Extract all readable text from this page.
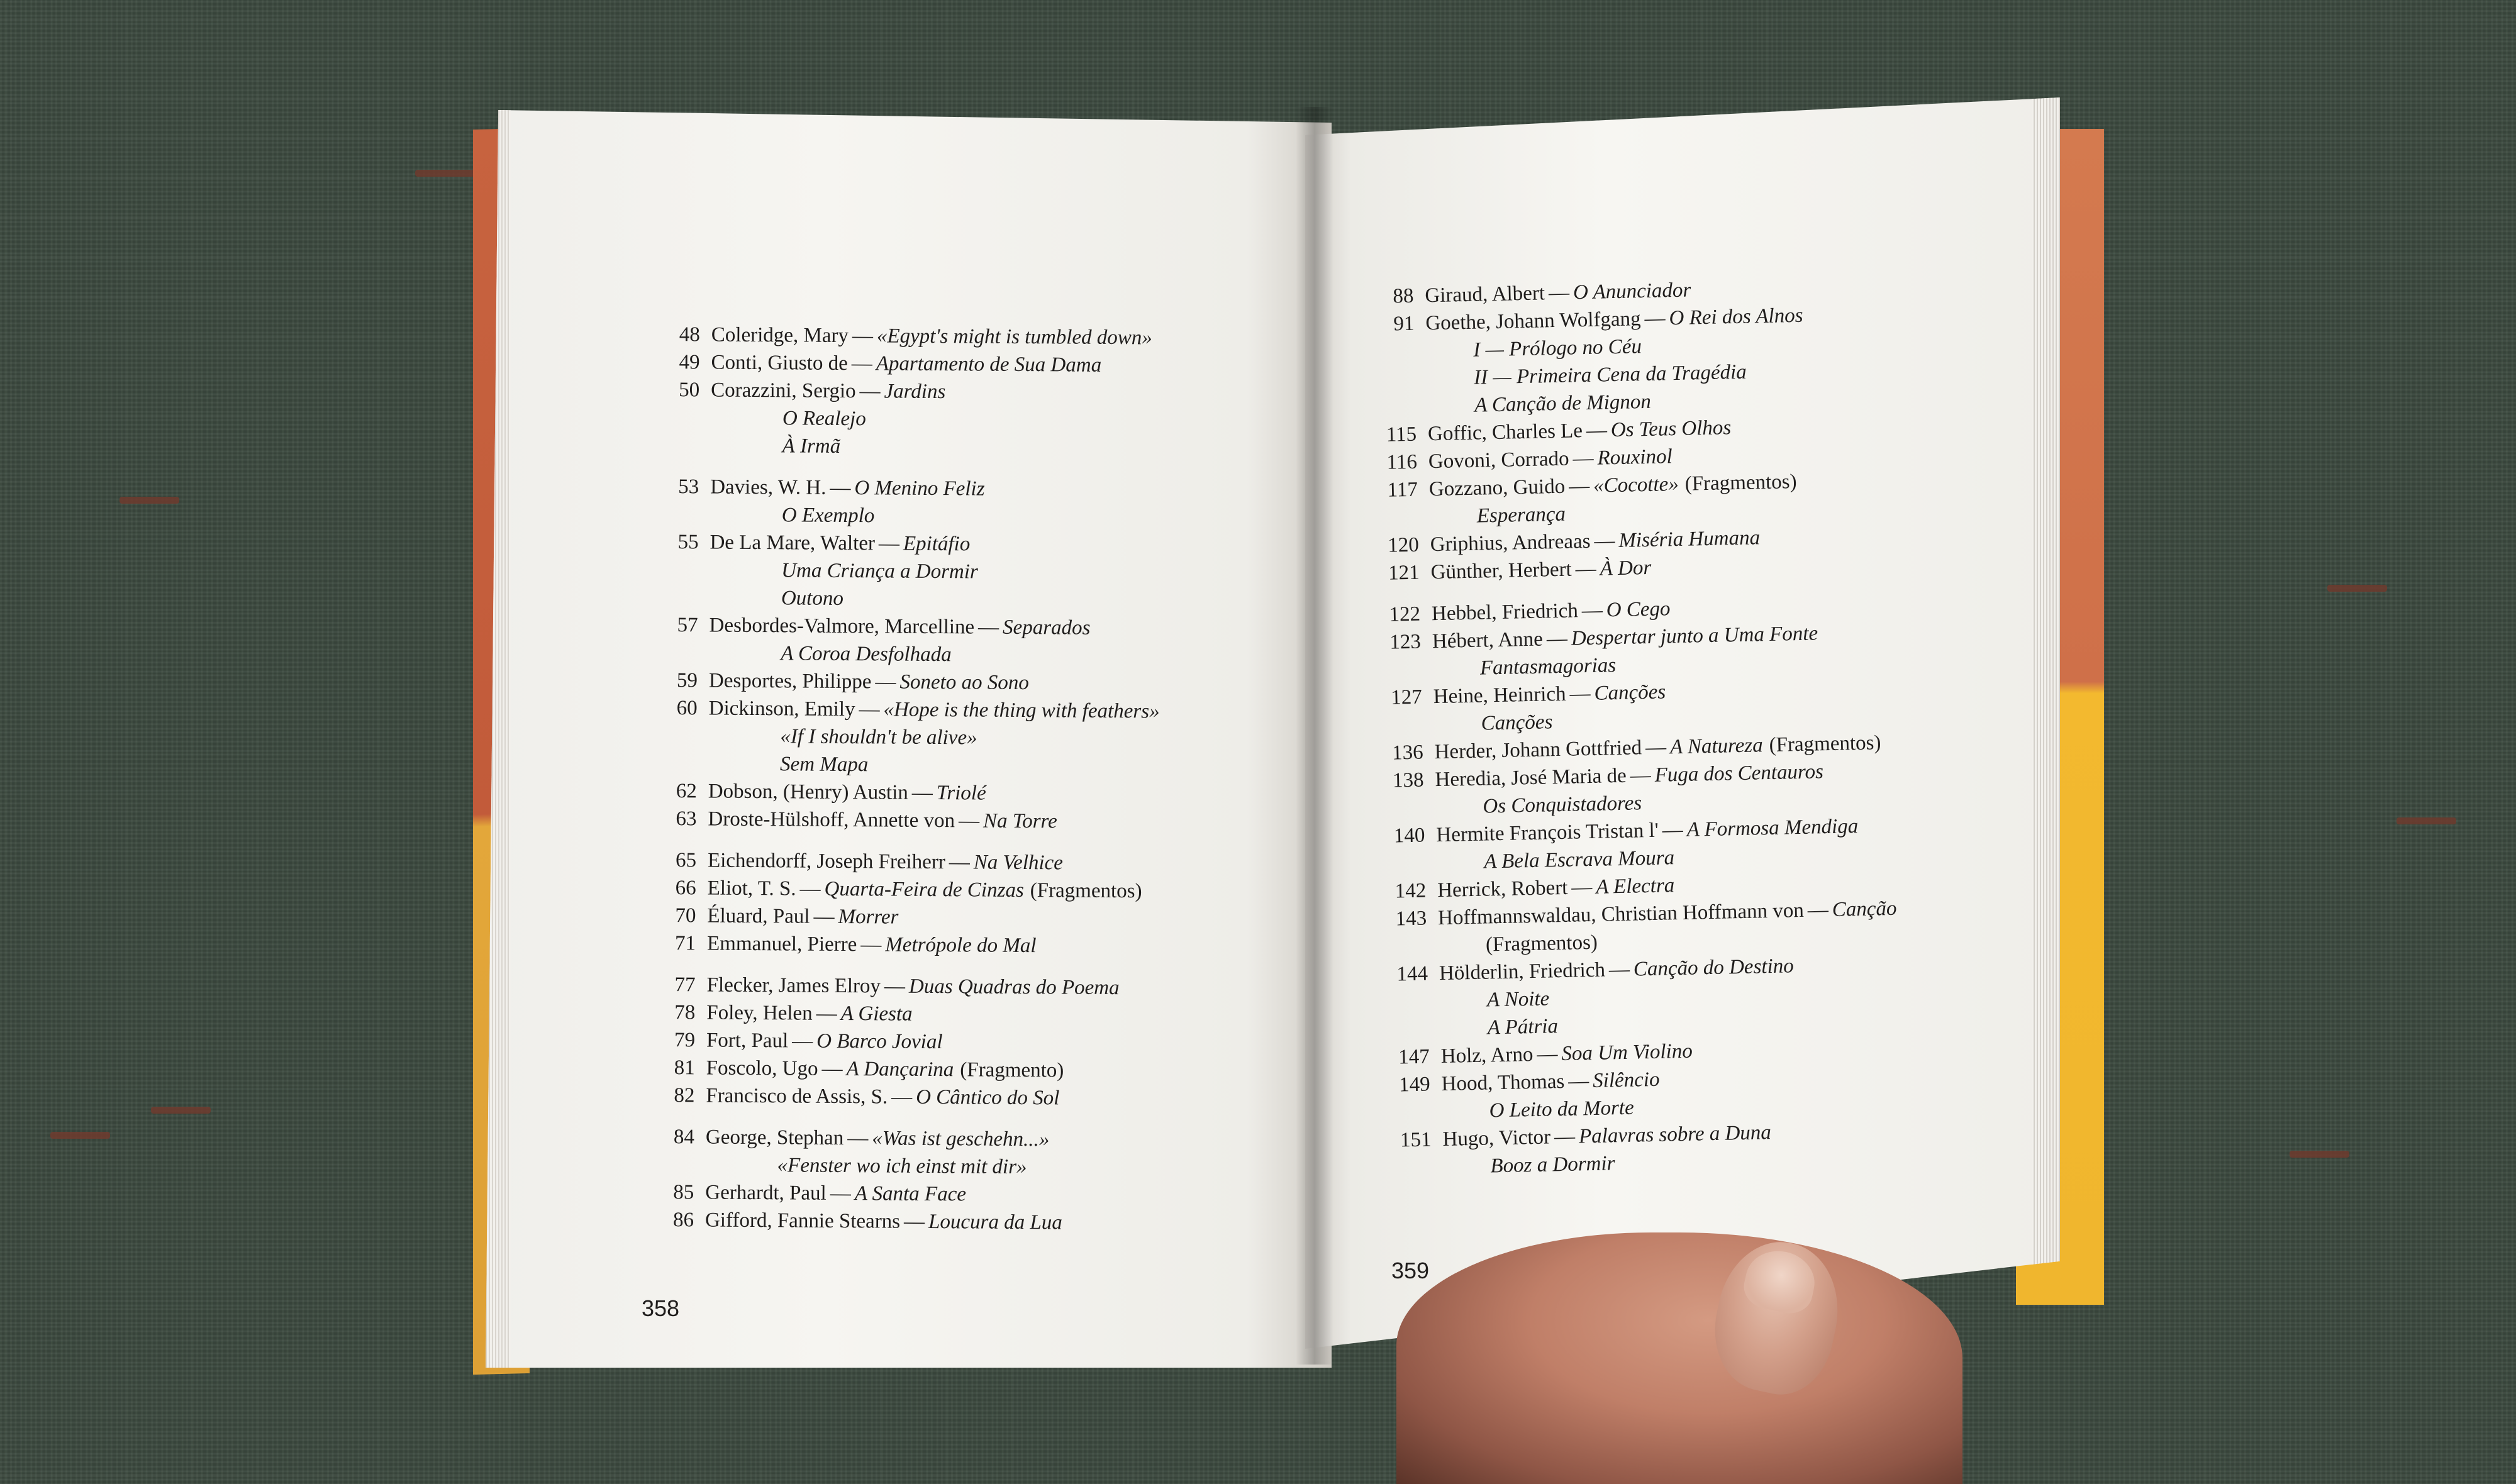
48 Coleridge, Mary — «Egypt's might is tumbled down»
49 Conti, Giusto de — Apartamento de Sua Dama
50 Corazzini, Sergio — Jardins
O Realejo
À Irmã
53 Davies, W. H. — O Menino Feliz
O Exemplo
55 De La Mare, Walter — Epitáfio
Uma Criança a Dormir
Outono
57 Desbordes-Valmore, Marcelline — Separados
A Coroa Desfolhada
59 Desportes, Philippe — Soneto ao Sono
60 Dickinson, Emily — «Hope is the thing with feathers»
«If I shouldn't be alive»
Sem Mapa
62 Dobson, (Henry) Austin — Triolé
63 Droste-Hülshoff, Annette von — Na Torre
65 Eichendorff, Joseph Freiherr — Na Velhice
66 Eliot, T. S. — Quarta-Feira de Cinzas (Fragmentos)
70 Éluard, Paul — Morrer
71 Emmanuel, Pierre — Metrópole do Mal
77 Flecker, James Elroy — Duas Quadras do Poema
78 Foley, Helen — A Giesta
79 Fort, Paul — O Barco Jovial
81 Foscolo, Ugo — A Dançarina (Fragmento)
82 Francisco de Assis, S. — O Cântico do Sol
84 George, Stephan — «Was ist geschehn...»
«Fenster wo ich einst mit dir»
85 Gerhardt, Paul — A Santa Face
86 Gifford, Fannie Stearns — Loucura da Lua
88 Giraud, Albert — O Anunciador
91 Goethe, Johann Wolfgang — O Rei dos Alnos
I — Prólogo no Céu
II — Primeira Cena da Tragédia
A Canção de Mignon
115 Goffic, Charles Le — Os Teus Olhos
116 Govoni, Corrado — Rouxinol
117 Gozzano, Guido — «Cocotte» (Fragmentos)
Esperança
120 Griphius, Andreaas — Miséria Humana
121 Günther, Herbert — À Dor
122 Hebbel, Friedrich — O Cego
123 Hébert, Anne — Despertar junto a Uma Fonte
Fantasmagorias
127 Heine, Heinrich — Canções
Canções
136 Herder, Johann Gottfried — A Natureza (Fragmentos)
138 Heredia, José Maria de — Fuga dos Centauros
Os Conquistadores
140 Hermite François Tristan l' — A Formosa Mendiga
A Bela Escrava Moura
142 Herrick, Robert — A Electra
143 Hoffmannswaldau, Christian Hoffmann von — Canção
(Fragmentos)
144 Hölderlin, Friedrich — Canção do Destino
A Noite
A Pátria
147 Holz, Arno — Soa Um Violino
149 Hood, Thomas — Silêncio
O Leito da Morte
151 Hugo, Victor — Palavras sobre a Duna
Booz a Dormir
358
359
